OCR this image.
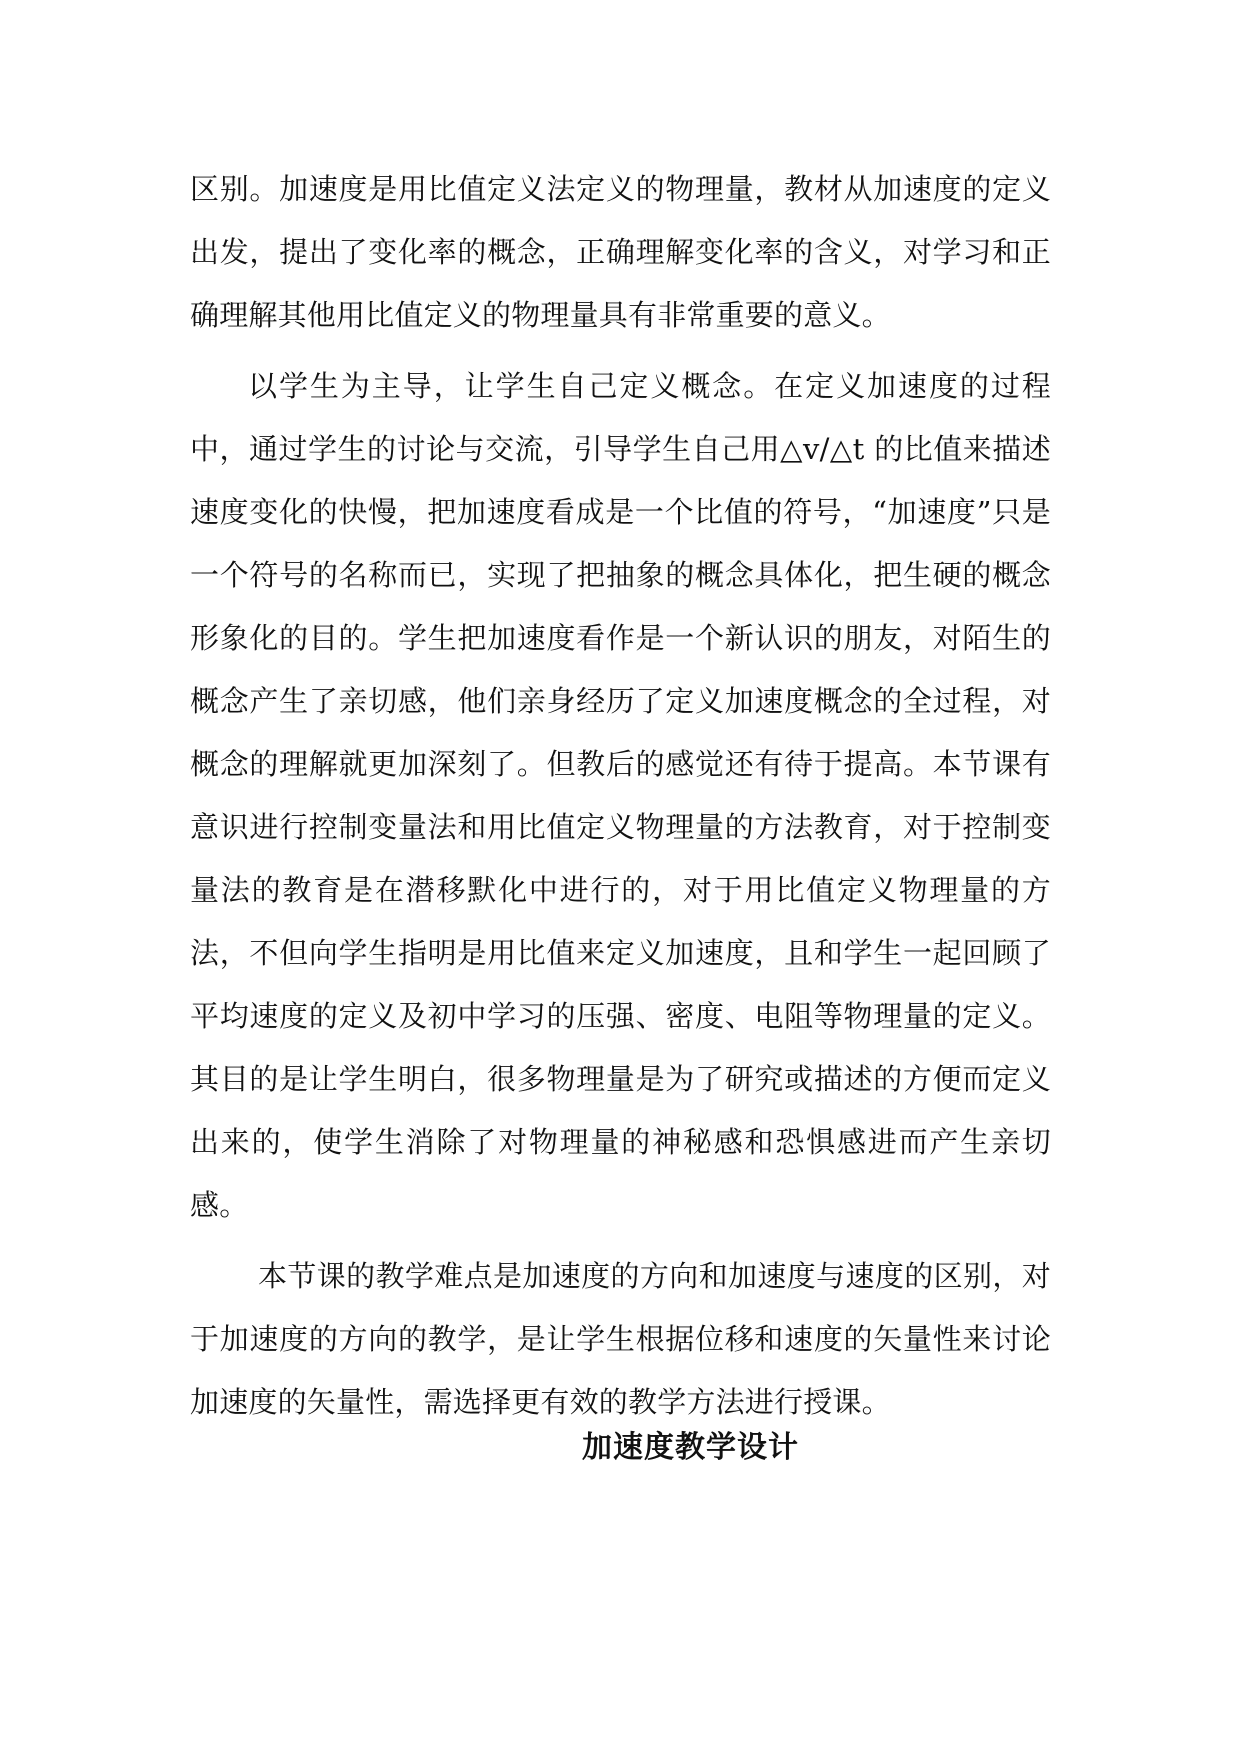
区别。加速度是用比值定义法定义的物理量，教材从加速度的定义出发，提出了变化率的概念，正确理解变化率的含义，对学习和正确理解其他用比值定义的物理量具有非常重要的意义。

以学生为主导，让学生自己定义概念。在定义加速度的过程中，通过学生的讨论与交流，引导学生自己用△v/△t 的比值来描述速度变化的快慢，把加速度看成是一个比值的符号，“加速度”只是一个符号的名称而已，实现了把抽象的概念具体化，把生硬的概念形象化的目的。学生把加速度看作是一个新认识的朋友，对陌生的概念产生了亲切感，他们亲身经历了定义加速度概念的全过程，对概念的理解就更加深刻了。但教后的感觉还有待于提高。本节课有意识进行控制变量法和用比值定义物理量的方法教育，对于控制变量法的教育是在潜移默化中进行的，对于用比值定义物理量的方法，不但向学生指明是用比值来定义加速度，且和学生一起回顾了平均速度的定义及初中学习的压强、密度、电阻等物理量的定义。其目的是让学生明白，很多物理量是为了研究或描述的方便而定义出来的，使学生消除了对物理量的神秘感和恐惧感进而产生亲切感。

本节课的教学难点是加速度的方向和加速度与速度的区别，对于加速度的方向的教学，是让学生根据位移和速度的矢量性来讨论加速度的矢量性，需选择更有效的教学方法进行授课。

加速度教学设计
